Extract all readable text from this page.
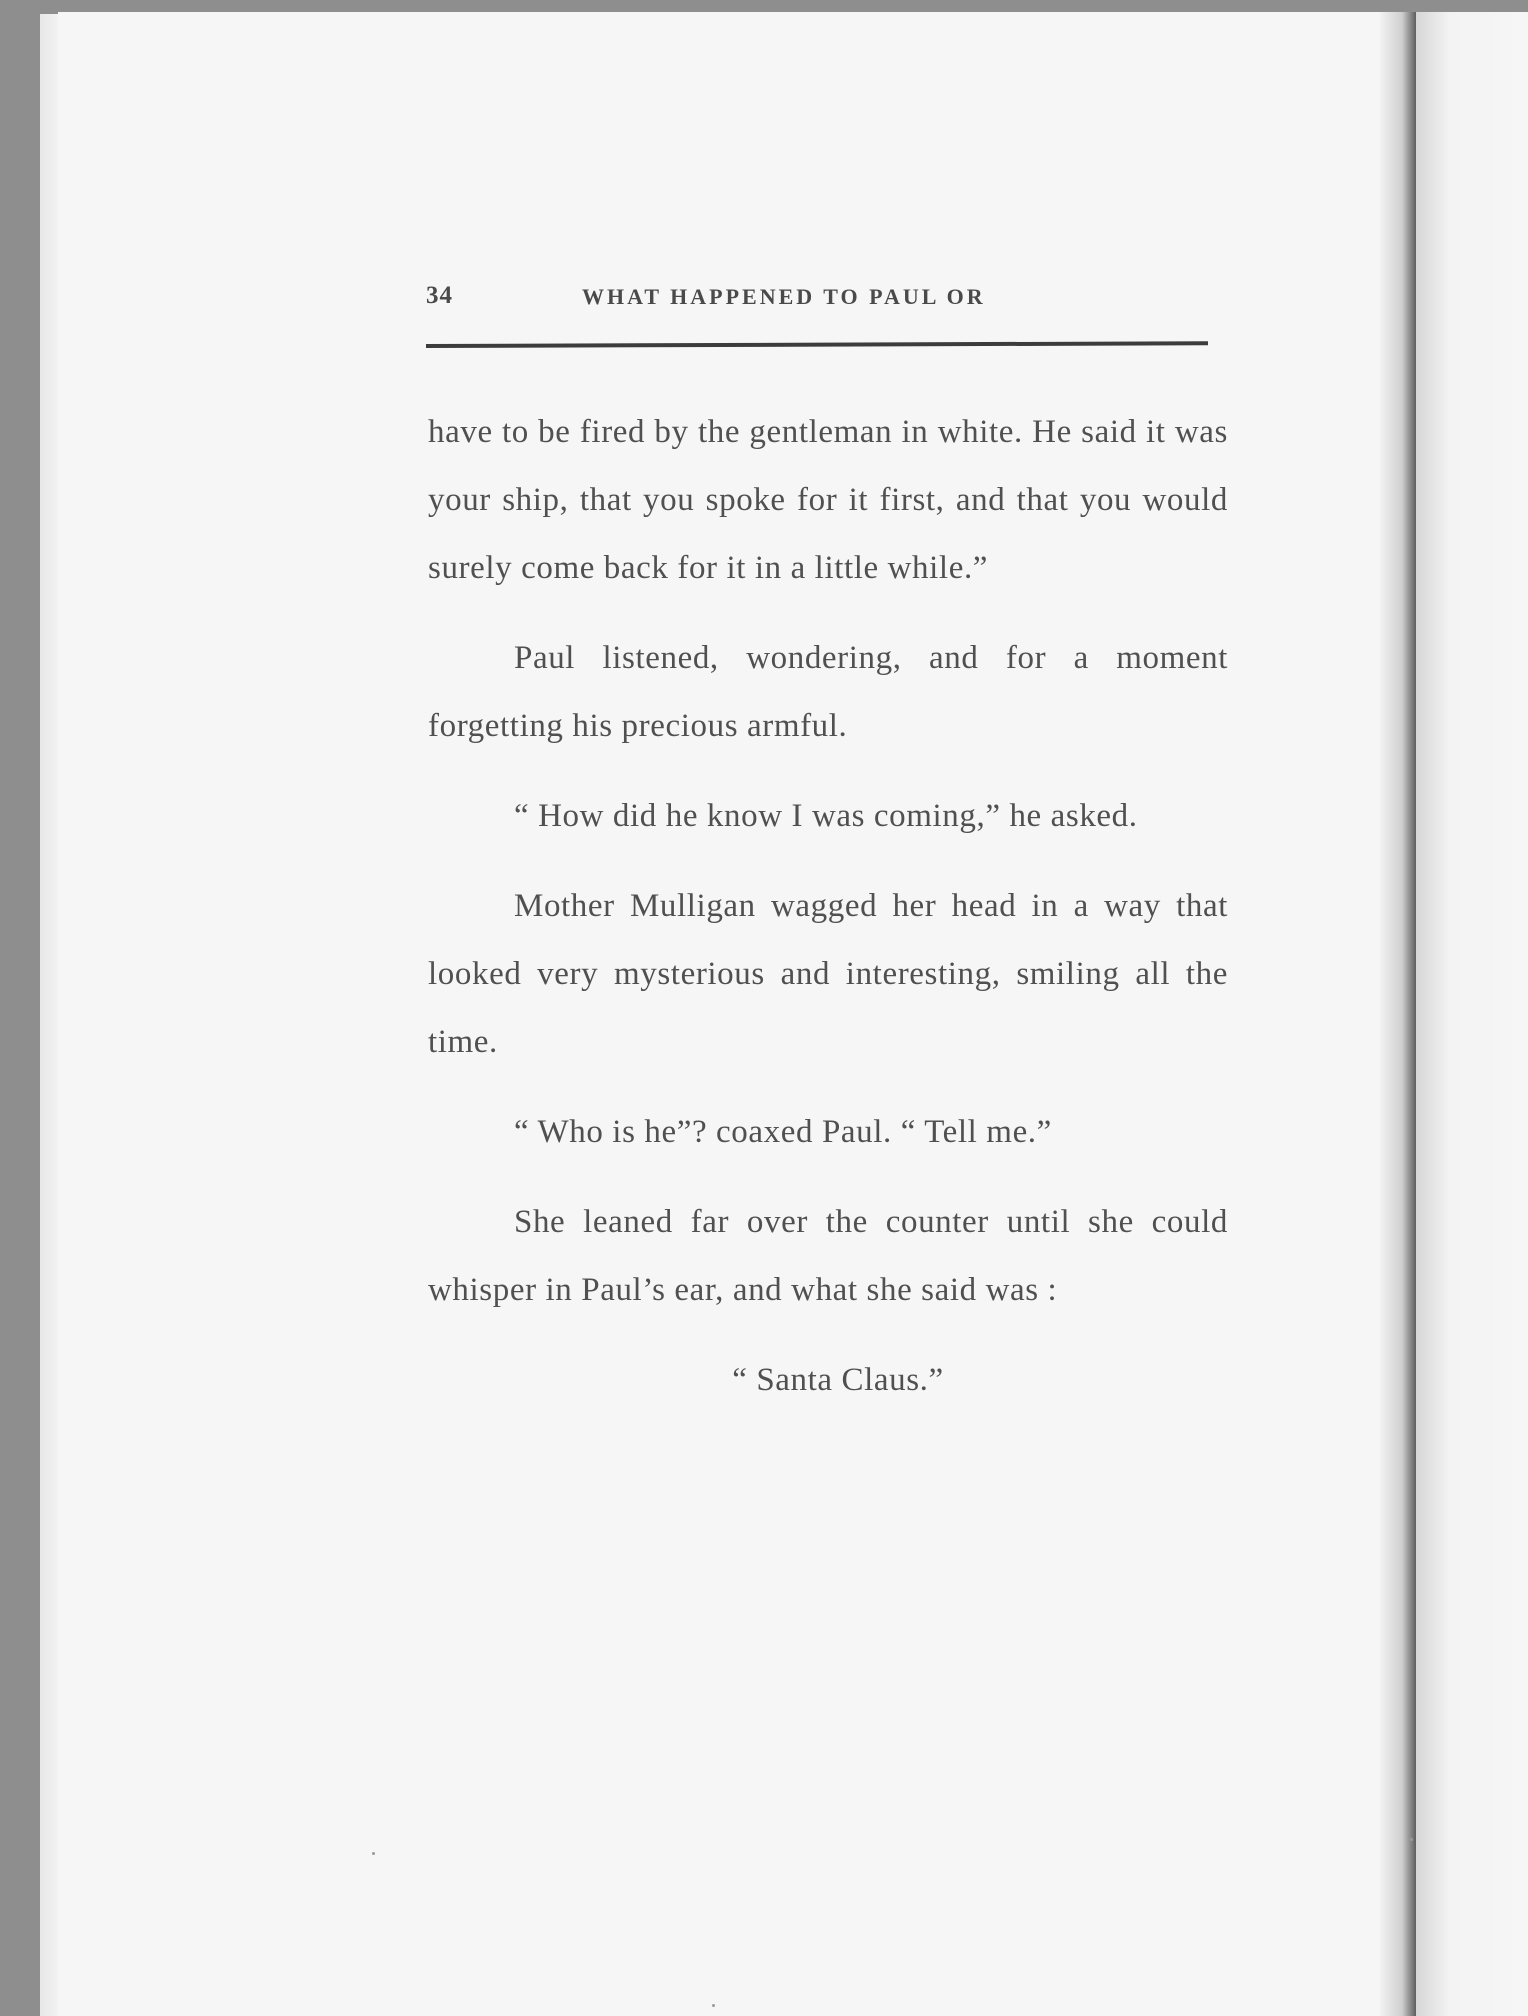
34	WHAT HAPPENED TO PAUL OR

have to be fired by the gentleman in white. He said it was your ship, that you spoke for it first, and that you would surely come back for it in a little while.”

Paul listened, wondering, and for a moment forgetting his precious armful.

“ How did he know I was coming,” he asked.

Mother Mulligan wagged her head in a way that looked very mysterious and interesting, smiling all the time.

“ Who is he”? coaxed Paul. “ Tell me.”

She leaned far over the counter until she could whisper in Paul’s ear, and what she said was :

“ Santa Claus.”
